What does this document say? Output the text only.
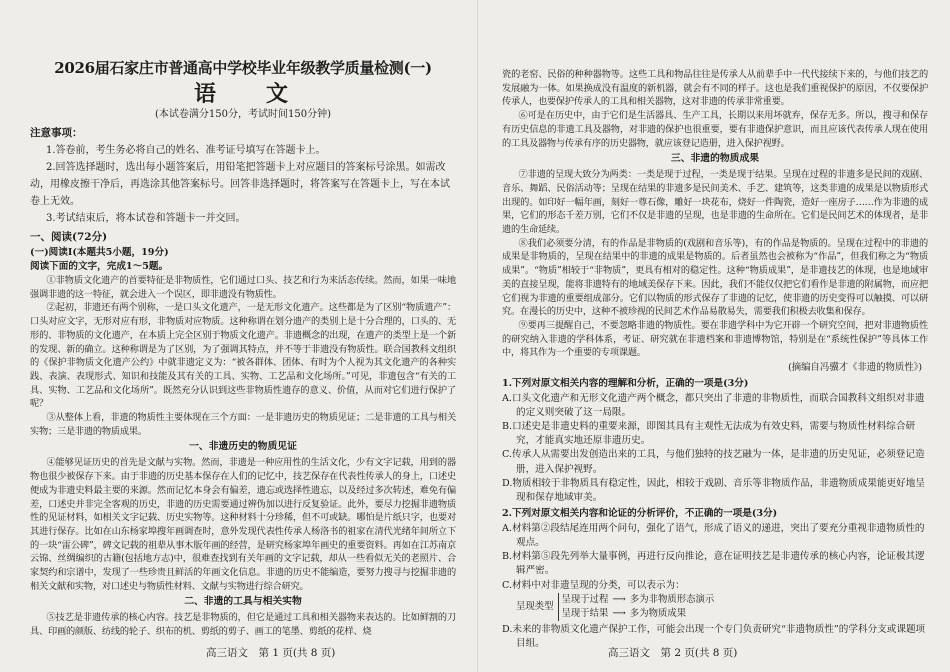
2026届石家庄市普通高中学校毕业年级教学质量检测(一)
语　文
(本试卷满分150分，考试时间150分钟)
注意事项：

1.答卷前，考生务必将自己的姓名、准考证号填写在答题卡上。

2.回答选择题时，选出每小题答案后，用铅笔把答题卡上对应题目的答案标号涂黑。如需改动，用橡皮擦干净后，再选涂其他答案标号。回答非选择题时，将答案写在答题卡上，写在本试卷上无效。

3.考试结束后，将本试卷和答题卡一并交回。

一、阅读(72分)
(一)阅读Ⅰ(本题共5小题，19分)
阅读下面的文字，完成1～5题。

①非物质文化遗产的首要特征是非物质性，它们通过口头、技艺和行为来活态传续。然而，如果一味地强调非遗的这一特征，就会进入一个误区，即非遗没有物质性。

②起初，非遗还有两个别称，一是口头文化遗产，一是无形文化遗产。这些都是为了区别“物质遗产”：口头对应文字，无形对应有形，非物质对应物质。这种称谓在划分遗产的类别上是十分合理的，口头的、无形的、非物质的文化遗产，在本质上完全区别于物质文化遗产。非遗概念的出现，在遗产的类型上是一个新的发现、新的确立。这种称谓是为了区别，为了强调其特点，并不等于非遗没有物质性。联合国教科文组织的《保护非物质文化遗产公约》中就非遗定义为：“被各群体、团体、有时为个人视为其文化遗产的各种实践、表演、表现形式、知识和技能及其有关的工具、实物、工艺品和文化场所。”可见，非遗包含“有关的工具、实物、工艺品和文化场所”。既然充分认识到这些非物质性遗存的意义、价值，从而对它们进行保护了呢？

③从整体上看，非遗的物质性主要体现在三个方面：一是非遗历史的物质见证；二是非遗的工具与相关实物；三是非遗的物质成果。

一、非遗历史的物质见证

④能够见证历史的首先是文献与实物。然而，非遗是一种应用性的生活文化，少有文字记载，用到的器物也很少被保存下来。由于非遗的历史基本保存在人们的记忆中，技艺保存在代表性传承人的身上，口述史便成为非遗史料最主要的来源。然而记忆本身会有偏差，遗忘或选择性遗忘，以及经过多次转述，难免有偏差，口述史并非完全客观的历史，非遗的历史需要通过辨伪加以进行反复验证。此外，要尽力挖掘非遗物质性的见证材料，如相关文字记载、历史实物等。这种材料十分珍稀，但不可或缺。哪怕是片纸只字，也要对其进行保存。比如在山东杨家埠搜年画调查时，意外发现代表性传承人杨洛书的祖家在清代光绪年间所立下的一块“雷公碑”，碑文记载的祖辈从事木版年画的经营，是研究杨家埠年画史的重要资料。再如在江苏南京云锦、丝绸编织的古籍(包括地方志)中，很难查找到有关年画的文字记载，却从一些看似无关的老照片、合家契约和宗谱中，发现了一些珍贵且鲜活的年画文化信息。非遗的历史不能编造，要努力搜寻与挖掘非遗的相关文献和实物，对口述史与物质性材料、文献与实物进行综合研究。

二、非遗的工具与相关实物

⑤技艺是非遗传承的核心内容。技艺是非物质的，但它是通过工具和相关器物来表达的。比如鲜割的刀具、印画的颜版、纺线的轮子、织布的机、剪纸的剪子、画工的笔墨、剪纸的花样、烧

高三语文　第 1 页(共 8 页)

瓷的老窑、民俗的种种器物等。这些工具和物品往往是传承人从前辈手中一代代接续下来的，与他们技艺的发展融为一体。如果换成没有温度的新机器，就会有不同的样子。这也是我们重视保护的原因，不仅要保护传承人，也要保护传承人的工具和相关器物，这对非遗的传承非常重要。

⑥可是在历史中，由于它们是生活器具、生产工具，长期以来用坏就弃，保存无多。所以，搜寻和保存有历史信息的非遗工具及器物，对非遗的保护也很重要，要有非遗保护意识，而且应该代表传承人现在使用的工具及器物与传承有序的历史器物，就应该登记造册，进入保护视野。

三、非遗的物质成果

⑦非遗的呈现大致分为两类：一类是现于过程，一类是现于结果。呈现在过程的非遗多是民间的戏剧、音乐、舞蹈、民俗活动等；呈现在结果的非遗多是民间美术、手艺、建筑等，这类非遗的成果是以物质形式出现的。如印好一幅年画，刻好一尊石像，雕好一块花布，烧好一件陶瓷，造好一座房子……作为非遗的成果，它们的形态千差万别，它们不仅是非遗的呈现，也是非遗的生命所在。它们是民间艺术的体现者，是非遗的生命延续。

⑧我们必须要分清，有的作品是非物质的(戏剧和音乐等)，有的作品是物质的。呈现在过程中的非遗的成果是非物质的，呈现在结果中的非遗的成果是物质的。后者虽然也会被称为“作品”，但我们称之为“物质成果”。“物质”相较于“非物质”，更具有相对的稳定性。这种“物质成果”，是非遗技艺的体现，也是地域审美的直接呈现，能将非遗特有的地域美保存下来。因此，我们不能仅仅把它们看作是非遗的附属物，而应把它们视为非遗的重要组成部分。它们以物质的形式保存了非遗的记忆，使非遗的历史变得可以触摸、可以研究。在漫长的历史中，这种不被珍视的民间艺术作品易散易失，需要我们积极去收集和保存。

⑨要再三提醒自己，不要忽略非遗的物质性。要在非遗学科中为它开辟一个研究空间，把对非遗物质性的研究纳入非遗的学科体系，考证、研究就在非遗档案和非遗博物馆，特别是在“系统性保护”等具体工作中，将其作为一个重要的专项课题。

(摘编自冯骥才《非遗的物质性》)
1.下列对原文相关内容的理解和分析，正确的一项是(3分)

A.口头文化遗产和无形文化遗产两个概念，都只突出了非遗的非物质性，而联合国教科文组织对非遗的定义则突破了这一局限。

B.口述史是非遗史料的重要来源，即图其具有主观性无法成为有效史料，需要与物质性材料综合研究，才能真实地还原非遗历史。

C.传承人从需要出发创造出来的工具，与他们独特的技艺融为一体，是非遗的历史见证，必须登记造册，进入保护视野。

D.物质相较于非物质具有稳定性，因此，相较于戏剧、音乐等非物质作品，非遗物质成果能更好地呈现和保存地域审美。

2.下列对原文相关内容和论证的分析评价，不正确的一项是(3分)

A.材料第②段结尾连用两个问句，强化了语气，形成了语义的递进，突出了要充分重视非遗物质性的观点。

B.材料第⑤段先列举大量事例，再进行反向推论，意在证明技艺是非遗传承的核心内容，论证极其逻辑严密。

C.材料中对非遗呈现的分类，可以表示为：

呈现类型
呈现于过程 ⟶ 多为非物质形态演示
呈现于结果 ⟶ 多为物质成果

D.未来的非物质文化遗产保护工作，可能会出现一个专门负责研究“非遗物质性”的学科分支或课题项目组。

高三语文　第 2 页(共 8 页)
